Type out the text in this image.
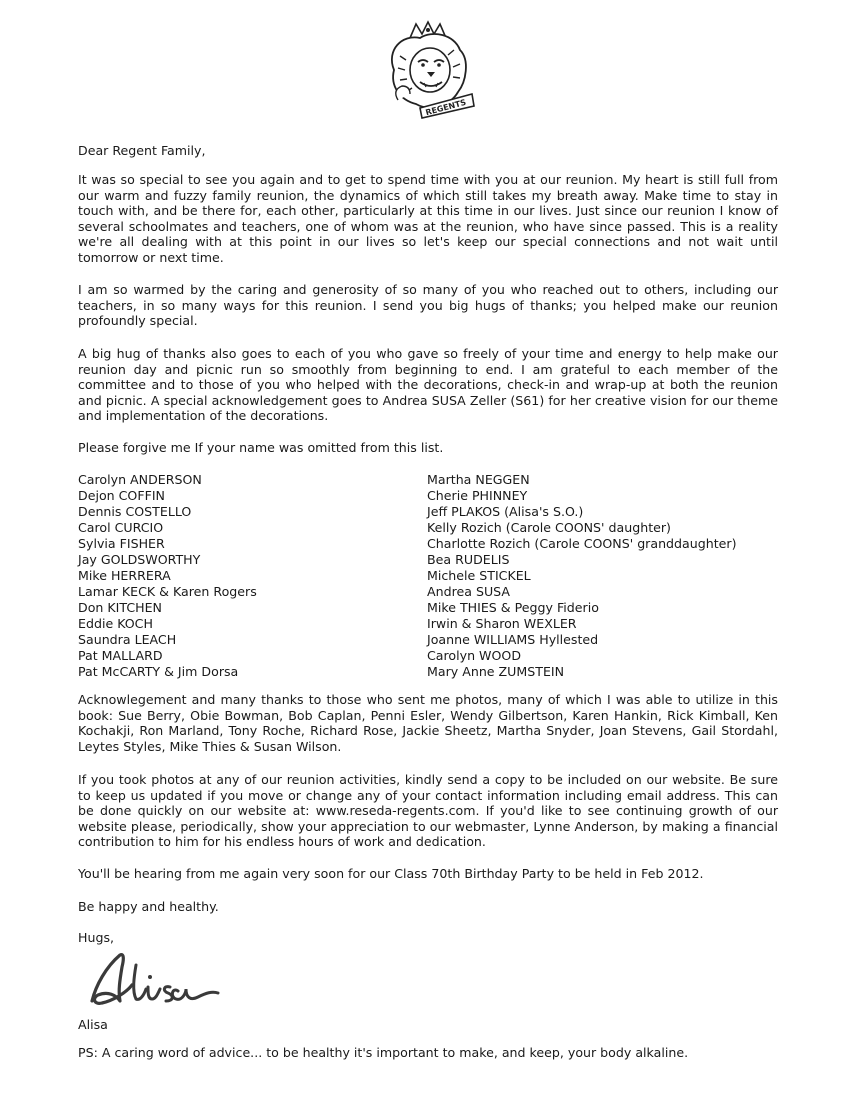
REGENTS
Dear Regent Family,

It was so special to see you again and to get to spend time with you at our reunion. My heart is still full from our warm and fuzzy family reunion, the dynamics of which still takes my breath away. Make time to stay in touch with, and be there for, each other, particularly at this time in our lives. Just since our reunion I know of several schoolmates and teachers, one of whom was at the reunion, who have since passed. This is a reality we're all dealing with at this point in our lives so let's keep our special connections and not wait until tomorrow or next time.

I am so warmed by the caring and generosity of so many of you who reached out to others, including our teachers, in so many ways for this reunion. I send you big hugs of thanks; you helped make our reunion profoundly special.

A big hug of thanks also goes to each of you who gave so freely of your time and energy to help make our reunion day and picnic run so smoothly from beginning to end. I am grateful to each member of the committee and to those of you who helped with the decorations, check-in and wrap-up at both the reunion and picnic. A special acknowledgement goes to Andrea SUSA Zeller (S61) for her creative vision for our theme and implementation of the decorations.

Please forgive me If your name was omitted from this list.

Carolyn ANDERSON
Dejon COFFIN
Dennis COSTELLO
Carol CURCIO
Sylvia FISHER
Jay GOLDSWORTHY
Mike HERRERA
Lamar KECK & Karen Rogers
Don KITCHEN
Eddie KOCH
Saundra LEACH
Pat MALLARD
Pat McCARTY & Jim Dorsa
Martha NEGGEN
Cherie PHINNEY
Jeff PLAKOS (Alisa's S.O.)
Kelly Rozich (Carole COONS' daughter)
Charlotte Rozich (Carole COONS' granddaughter)
Bea RUDELIS
Michele STICKEL
Andrea SUSA
Mike THIES & Peggy Fiderio
Irwin & Sharon WEXLER
Joanne WILLIAMS Hyllested
Carolyn WOOD
Mary Anne ZUMSTEIN

Acknowlegement and many thanks to those who sent me photos, many of which I was able to utilize in this book: Sue Berry, Obie Bowman, Bob Caplan, Penni Esler, Wendy Gilbertson, Karen Hankin, Rick Kimball, Ken Kochakji, Ron Marland, Tony Roche, Richard Rose, Jackie Sheetz, Martha Snyder, Joan Stevens, Gail Stordahl, Leytes Styles, Mike Thies & Susan Wilson.

If you took photos at any of our reunion activities, kindly send a copy to be included on our website. Be sure to keep us updated if you move or change any of your contact information including email address. This can be done quickly on our website at: www.reseda-regents.com. If you'd like to see continuing growth of our website please, periodically, show your appreciation to our webmaster, Lynne Anderson, by making a financial contribution to him for his endless hours of work and dedication.

You'll be hearing from me again very soon for our Class 70th Birthday Party to be held in Feb 2012.

Be happy and healthy.
Hugs,
Alisa
PS: A caring word of advice... to be healthy it's important to make, and keep, your body alkaline.
